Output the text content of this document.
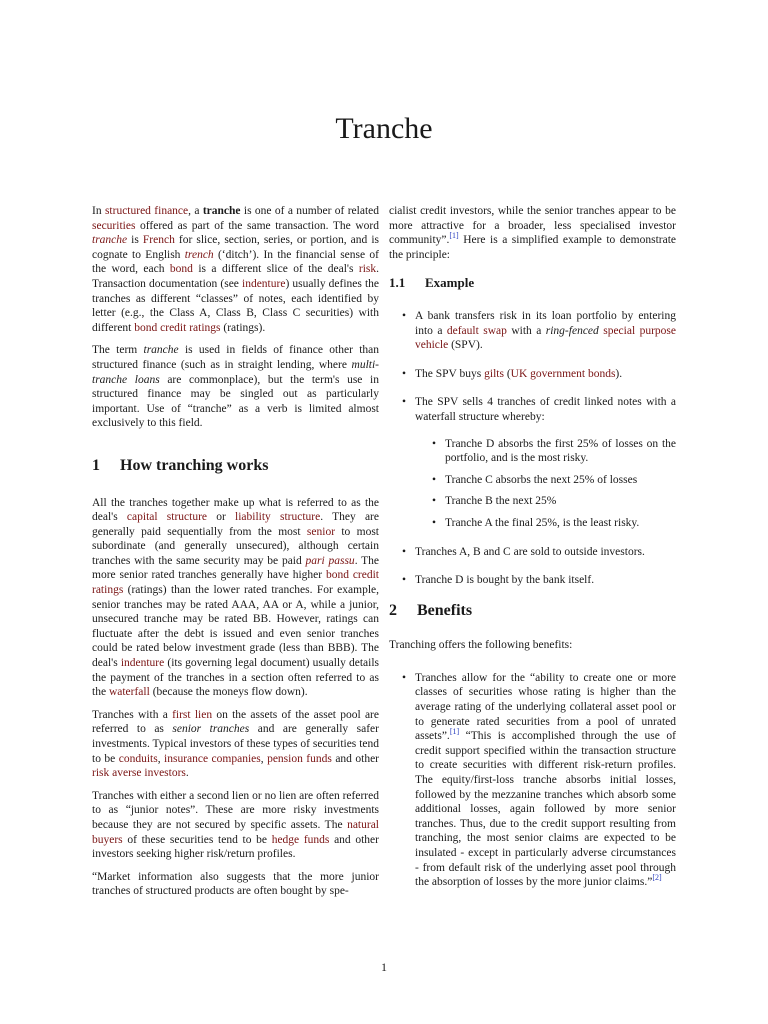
Tranche

In structured finance, a tranche is one of a number of related securities offered as part of the same transaction. The word tranche is French for slice, section, series, or portion, and is cognate to English trench (‘ditch’). In the financial sense of the word, each bond is a different slice of the deal's risk. Transaction documentation (see indenture) usually defines the tranches as different “classes” of notes, each identified by letter (e.g., the Class A, Class B, Class C securities) with different bond credit ratings (ratings).

The term tranche is used in fields of finance other than structured finance (such as in straight lending, where multi-tranche loans are commonplace), but the term's use in structured finance may be singled out as particularly important. Use of “tranche” as a verb is limited almost exclusively to this field.

1	How tranching works

All the tranches together make up what is referred to as the deal's capital structure or liability structure. They are generally paid sequentially from the most senior to most subordinate (and generally unsecured), although certain tranches with the same security may be paid pari passu. The more senior rated tranches generally have higher bond credit ratings (ratings) than the lower rated tranches. For example, senior tranches may be rated AAA, AA or A, while a junior, unsecured tranche may be rated BB. However, ratings can fluctuate after the debt is issued and even senior tranches could be rated below investment grade (less than BBB). The deal's indenture (its governing legal document) usually details the payment of the tranches in a section often referred to as the waterfall (because the moneys flow down).

Tranches with a first lien on the assets of the asset pool are referred to as senior tranches and are generally safer investments. Typical investors of these types of securities tend to be conduits, insurance companies, pension funds and other risk averse investors.

Tranches with either a second lien or no lien are often referred to as “junior notes”. These are more risky investments because they are not secured by specific assets. The natural buyers of these securities tend to be hedge funds and other investors seeking higher risk/return profiles.

“Market information also suggests that the more junior tranches of structured products are often bought by spe-

cialist credit investors, while the senior tranches appear to be more attractive for a broader, less specialised investor community”.[1] Here is a simplified example to demonstrate the principle:

1.1	Example
• A bank transfers risk in its loan portfolio by entering into a default swap with a ring-fenced special purpose vehicle (SPV).
• The SPV buys gilts (UK government bonds).
• The SPV sells 4 tranches of credit linked notes with a waterfall structure whereby:
• Tranche D absorbs the first 25% of losses on the portfolio, and is the most risky.
• Tranche C absorbs the next 25% of losses
• Tranche B the next 25%
• Tranche A the final 25%, is the least risky.
• Tranches A, B and C are sold to outside investors.
• Tranche D is bought by the bank itself.
2	Benefits

Tranching offers the following benefits:

• Tranches allow for the “ability to create one or more classes of securities whose rating is higher than the average rating of the underlying collateral asset pool or to generate rated securities from a pool of unrated assets”.[1] “This is accomplished through the use of credit support specified within the transaction structure to create securities with different risk-return profiles. The equity/first-loss tranche absorbs initial losses, followed by the mezzanine tranches which absorb some additional losses, again followed by more senior tranches. Thus, due to the credit support resulting from tranching, the most senior claims are expected to be insulated - except in particularly adverse circumstances - from default risk of the underlying asset pool through the absorption of losses by the more junior claims.”[2]
1
